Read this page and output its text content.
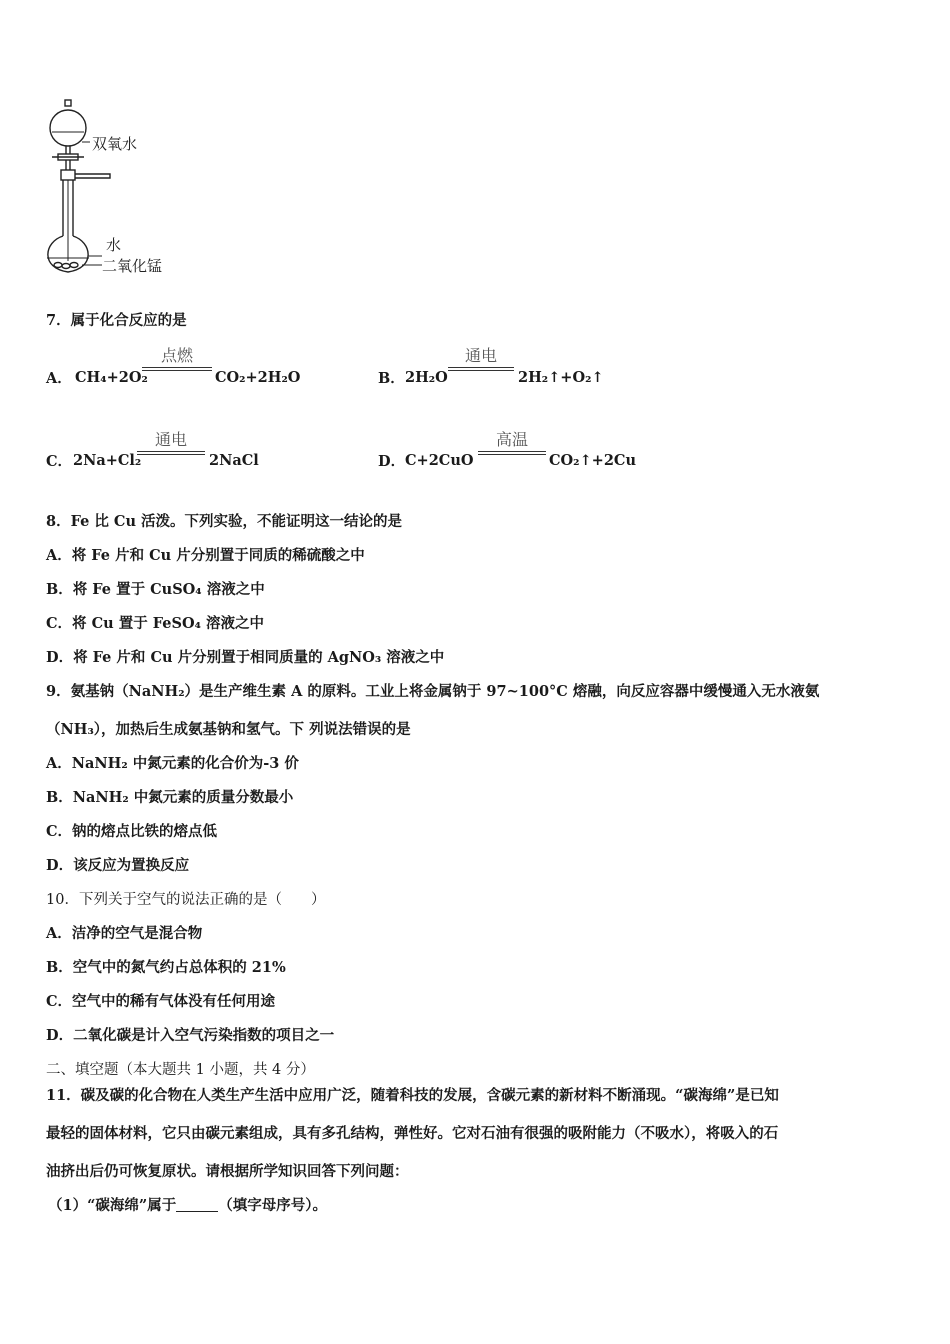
双氧水
水
二氧化锰
7．属于化合反应的是
A． CH₄+2O₂
点燃
CO₂+2H₂O	B． 2H₂O
通电
2H₂↑+O₂↑
C． 2Na+Cl₂
通电
2NaCl	D． C+2CuO
高温
CO₂↑+2Cu
8．Fe 比 Cu 活泼。下列实验，不能证明这一结论的是
A．将 Fe 片和 Cu 片分别置于同质的稀硫酸之中
B．将 Fe 置于 CuSO₄ 溶液之中
C．将 Cu 置于 FeSO₄ 溶液之中
D．将 Fe 片和 Cu 片分别置于相同质量的 AgNO₃ 溶液之中
9．氨基钠（NaNH₂）是生产维生素 A 的原料。工业上将金属钠于 97~100°C 熔融，向反应容器中缓慢通入无水液氨
（NH₃），加热后生成氨基钠和氢气。下 列说法错误的是
A．NaNH₂ 中氮元素的化合价为-3 价
B．NaNH₂ 中氮元素的质量分数最小
C．钠的熔点比铁的熔点低
D．该反应为置换反应
10．下列关于空气的说法正确的是（　　）
A．洁净的空气是混合物
B．空气中的氮气约占总体积的 21%
C．空气中的稀有气体没有任何用途
D．二氧化碳是计入空气污染指数的项目之一
二、填空题（本大题共 1 小题，共 4 分）
11．碳及碳的化合物在人类生产生活中应用广泛，随着科技的发展，含碳元素的新材料不断涌现。“碳海绵”是已知
最轻的固体材料，它只由碳元素组成，具有多孔结构，弹性好。它对石油有很强的吸附能力（不吸水），将吸入的石
油挤出后仍可恢复原状。请根据所学知识回答下列问题：
（1）“碳海绵”属于	（填字母序号）。
